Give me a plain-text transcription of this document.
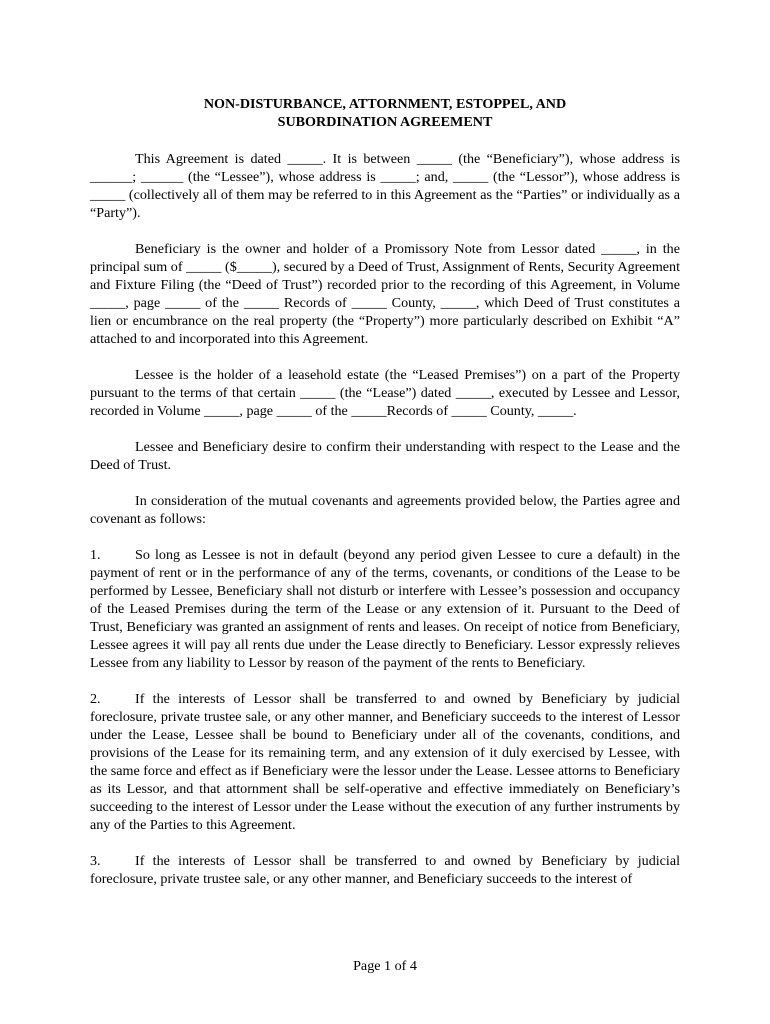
NON-DISTURBANCE, ATTORNMENT, ESTOPPEL, AND
SUBORDINATION AGREEMENT

This Agreement is dated _____. It is between _____ (the “Beneficiary”), whose address is ______; ______ (the “Lessee”), whose address is _____; and, _____ (the “Lessor”), whose address is _____ (collectively all of them may be referred to in this Agreement as the “Parties” or individually as a “Party”).

Beneficiary is the owner and holder of a Promissory Note from Lessor dated _____, in the principal sum of _____ ($_____), secured by a Deed of Trust, Assignment of Rents, Security Agreement and Fixture Filing (the “Deed of Trust”) recorded prior to the recording of this Agreement, in Volume _____, page _____ of the _____ Records of _____ County, _____, which Deed of Trust constitutes a lien or encumbrance on the real property (the “Property”) more particularly described on Exhibit “A” attached to and incorporated into this Agreement.

Lessee is the holder of a leasehold estate (the “Leased Premises”) on a part of the Property pursuant to the terms of that certain _____ (the “Lease”) dated _____, executed by Lessee and Lessor, recorded in Volume _____, page _____ of the _____Records of _____ County, _____.

Lessee and Beneficiary desire to confirm their understanding with respect to the Lease and the Deed of Trust.

In consideration of the mutual covenants and agreements provided below, the Parties agree and covenant as follows:

1. So long as Lessee is not in default (beyond any period given Lessee to cure a default) in the payment of rent or in the performance of any of the terms, covenants, or conditions of the Lease to be performed by Lessee, Beneficiary shall not disturb or interfere with Lessee’s possession and occupancy of the Leased Premises during the term of the Lease or any extension of it. Pursuant to the Deed of Trust, Beneficiary was granted an assignment of rents and leases. On receipt of notice from Beneficiary, Lessee agrees it will pay all rents due under the Lease directly to Beneficiary. Lessor expressly relieves Lessee from any liability to Lessor by reason of the payment of the rents to Beneficiary.

2. If the interests of Lessor shall be transferred to and owned by Beneficiary by judicial foreclosure, private trustee sale, or any other manner, and Beneficiary succeeds to the interest of Lessor under the Lease, Lessee shall be bound to Beneficiary under all of the covenants, conditions, and provisions of the Lease for its remaining term, and any extension of it duly exercised by Lessee, with the same force and effect as if Beneficiary were the lessor under the Lease. Lessee attorns to Beneficiary as its Lessor, and that attornment shall be self-operative and effective immediately on Beneficiary’s succeeding to the interest of Lessor under the Lease without the execution of any further instruments by any of the Parties to this Agreement.

3. If the interests of Lessor shall be transferred to and owned by Beneficiary by judicial foreclosure, private trustee sale, or any other manner, and Beneficiary succeeds to the interest of

Page 1 of 4
